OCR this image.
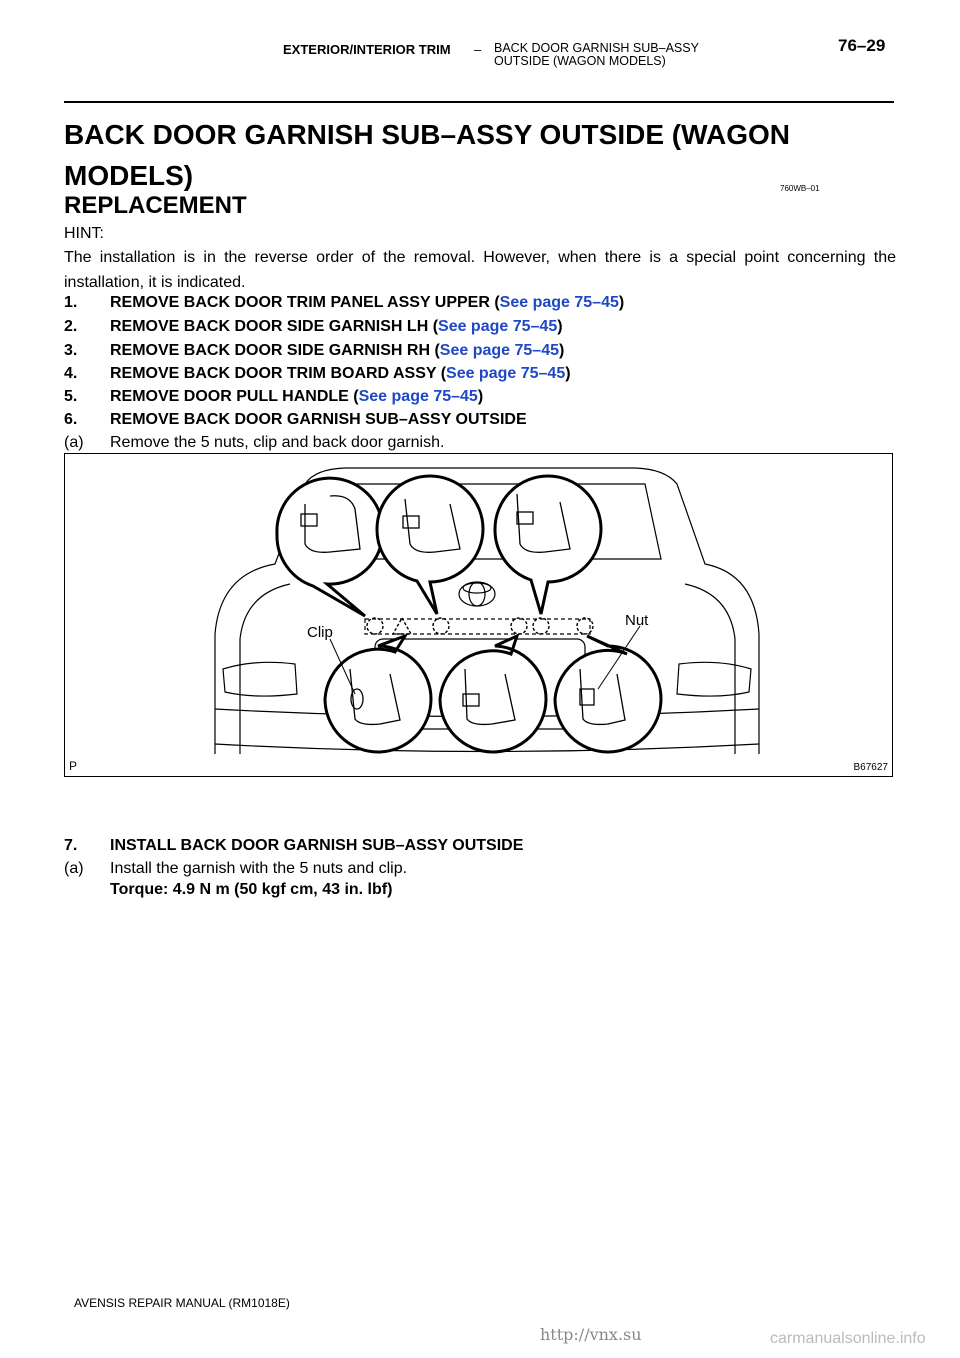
EXTERIOR/INTERIOR TRIM – BACK DOOR GARNISH SUB–ASSY
OUTSIDE (WAGON MODELS)
76–29
BACK DOOR GARNISH SUB–ASSY OUTSIDE (WAGON MODELS)	760WB–01
REPLACEMENT
HINT:
The installation is in the reverse order of the removal. However, when there is a special point concerning the installation, it is indicated.
1. REMOVE BACK DOOR TRIM PANEL ASSY UPPER (See page 75–45)
2. REMOVE BACK DOOR SIDE GARNISH LH (See page 75–45)
3. REMOVE BACK DOOR SIDE GARNISH RH (See page 75–45)
4. REMOVE BACK DOOR TRIM BOARD ASSY (See page 75–45)
5. REMOVE DOOR PULL HANDLE (See page 75–45)
6. REMOVE BACK DOOR GARNISH SUB–ASSY OUTSIDE
(a) Remove the 5 nuts, clip and back door garnish.
Clip
Nut
P	B67627
7. INSTALL BACK DOOR GARNISH SUB–ASSY OUTSIDE
(a) Install the garnish with the 5 nuts and clip.
Torque: 4.9 N m (50 kgf cm, 43 in. lbf)
AVENSIS REPAIR MANUAL (RM1018E)
http://vnx.su	carmanualsonline.info
